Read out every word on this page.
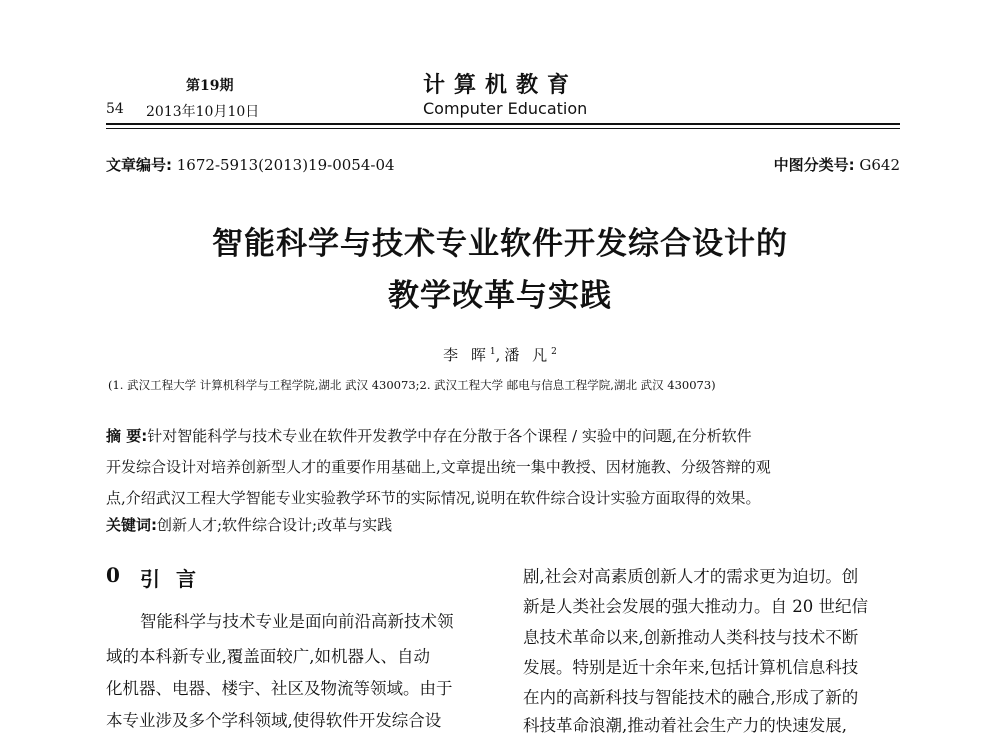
54
第19期
2013年10月10日
计算机教育
Computer Education
文章编号: 1672-5913(2013)19-0054-04	中图分类号: G642
智能科学与技术专业软件开发综合设计的
教学改革与实践
李 晖$^1$,潘 凡$^2$
(1. 武汉工程大学 计算机科学与工程学院,湖北 武汉 430073;2. 武汉工程大学 邮电与信息工程学院,湖北 武汉 430073)
摘 要:针对智能科学与技术专业在软件开发教学中存在分散于各个课程 / 实验中的问题,在分析软件
开发综合设计对培养创新型人才的重要作用基础上,文章提出统一集中教授、因材施教、分级答辩的观
点,介绍武汉工程大学智能专业实验教学环节的实际情况,说明在软件综合设计实验方面取得的效果。
关键词:创新人才;软件综合设计;改革与实践
0 引言
智能科学与技术专业是面向前沿高新技术领
域的本科新专业,覆盖面较广,如机器人、自动
化机器、电器、楼宇、社区及物流等领域。由于
本专业涉及多个学科领域,使得软件开发综合设
剧,社会对高素质创新人才的需求更为迫切。创
新是人类社会发展的强大推动力。自 20 世纪信
息技术革命以来,创新推动人类科技与技术不断
发展。特别是近十余年来,包括计算机信息科技
在内的高新科技与智能技术的融合,形成了新的
科技革命浪潮,推动着社会生产力的快速发展,
